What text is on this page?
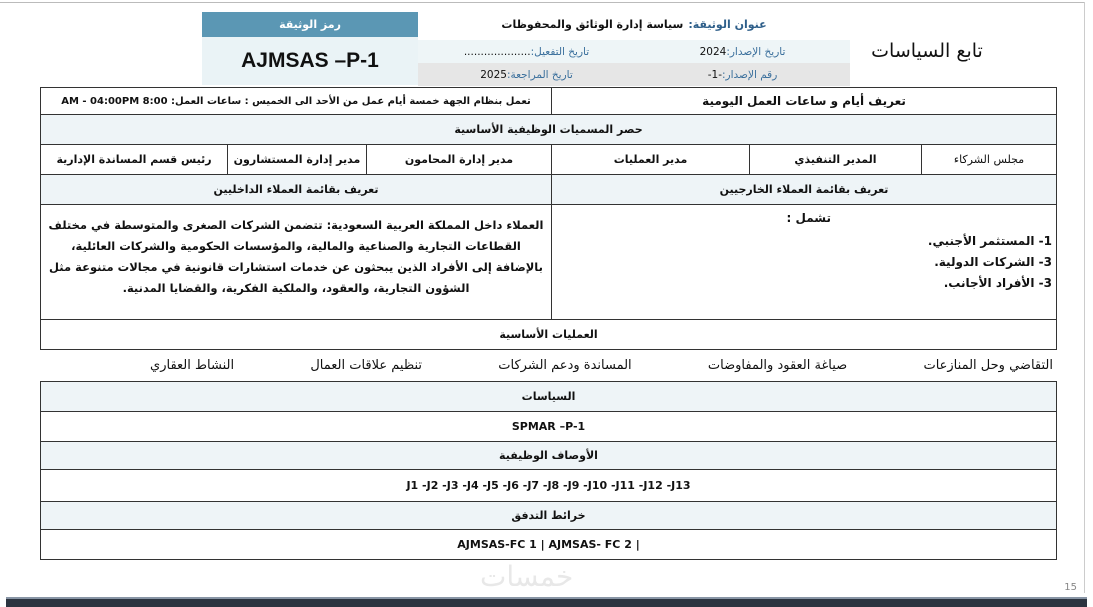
رمز الوثيقة
AJMSAS –P-1
عنوان الوثيقة:
سياسة إدارة الوثائق والمحفوظات
تاريخ الإصدار:
2024
تاريخ التفعيل:
....................
رقم الإصدار:
-1-
تاريخ المراجعة:
2025
تابع السياسات
تعريف أيام و ساعات العمل اليومية
تعمل بنظام الجهة خمسة أيام عمل من الأحد الى الخميس : ساعات العمل: 8:00 AM - 04:00PM
حصر المسميات الوظيفية الأساسية
مجلس الشركاء
المدير التنفيذي
مدير العمليات
مدير إدارة المحامون
مدير إدارة المستشارون
رئيس قسم المساندة الإدارية
تعريف بقائمة العملاء الخارجيين
تعريف بقائمة العملاء الداخليين
تشمل :
1- المستثمر الأجنبي.
3- الشركات الدولية.
3- الأفراد الأجانب.
العملاء داخل المملكة العربية السعودية: تتضمن الشركات الصغرى والمتوسطة في مختلف القطاعات التجارية والصناعية والمالية، والمؤسسات الحكومية والشركات العائلية، بالإضافة إلى الأفراد الذين يبحثون عن خدمات استشارات قانونية في مجالات متنوعة مثل الشؤون التجارية، والعقود، والملكية الفكرية، والقضايا المدنية.
العمليات الأساسية
التقاضي وحل المنازعات
صياغة العقود والمفاوضات
المساندة ودعم الشركات
تنظيم علاقات العمال
النشاط العقاري
السياسات
SPMAR –P-1
الأوصاف الوظيفية
J1 -J2 -J3 -J4 -J5 -J6 -J7 -J8 -J9 -J10 -J11 -J12 -J13
خرائط التدفق
AJMSAS-FC 1 | AJMSAS- FC 2 |
خمسات	15
